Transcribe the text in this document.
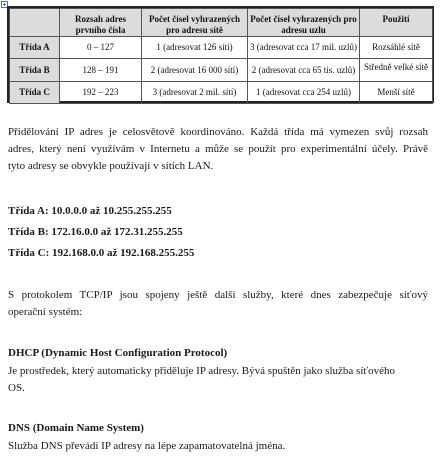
	Rozsah adres prvního čísla	Počet čísel vyhrazených pro adresu sítě	Počet čísel vyhrazených pro adresu uzlu	Použití

Třída A	0 – 127	1 (adresovat 126 sítí)	3 (adresovat cca 17 mil. uzlů)	Rozsáhlé sítě
Třída B	128 – 191	2 (adresovat 16 000 sítí)	2 (adresovat cca 65 tis. uzlů)	Středně velké sítě

Třída C	192 – 223	3 (adresovat 2 mil. sítí)	1 (adresovat cca 254 uzlů)	Menší sítě
Přidělování IP adres je celosvětově koordinováno. Každá třída má vymezen svůj rozsah
adres, který není využívám v Internetu a může se použít pro experimentální účely. Právě
tyto adresy se obvykle používají v sítích LAN.
Třída A: 10.0.0.0 až 10.255.255.255
Třída B: 172.16.0.0 až 172.31.255.255
Třída C: 192.168.0.0 až 192.168.255.255
S protokolem TCP/IP jsou spojeny ještě další služby, které dnes zabezpečuje síťový
operační systém:
DHCP (Dynamic Host Configuration Protocol)
Je prostředek, který automaticky přiděluje IP adresy. Bývá spuštěn jako služba síťového
OS.
DNS (Domain Name System)
Služba DNS převádí IP adresy na lépe zapamatovatelná jména.
